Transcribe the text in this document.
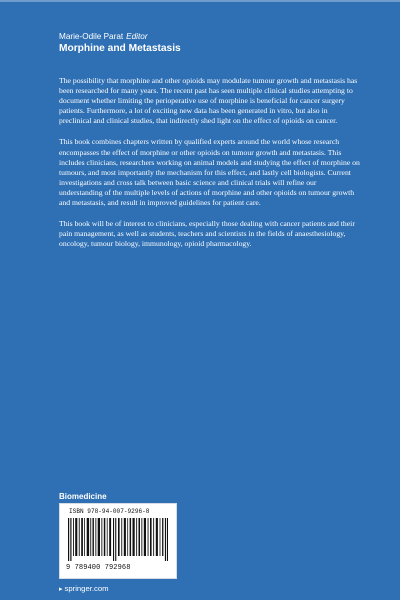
Marie-Odile Parat Editor
Morphine and Metastasis

The possibility that morphine and other opioids may modulate tumour growth and metastasis has been researched for many years. The recent past has seen multiple clinical studies attempting to document whether limiting the perioperative use of morphine is beneficial for cancer surgery patients. Furthermore, a lot of exciting new data has been generated in vitro, but also in preclinical and clinical studies, that indirectly shed light on the effect of opioids on cancer.

This book combines chapters written by qualified experts around the world whose research encompasses the effect of morphine or other opioids on tumour growth and metastasis. This includes clinicians, researchers working on animal models and studying the effect of morphine on tumours, and most importantly the mechanism for this effect, and lastly cell biologists. Current investigations and cross talk between basic science and clinical trials will refine our understanding of the multiple levels of actions of morphine and other opioids on tumour growth and metastasis, and result in improved guidelines for patient care.

This book will be of interest to clinicians, especially those dealing with cancer patients and their pain management, as well as students, teachers and scientists in the fields of anaesthesiology, oncology, tumour biology, immunology, opioid pharmacology.

Biomedicine
ISBN 978-94-007-9296-8
9 789400 792968
▸ springer.com
